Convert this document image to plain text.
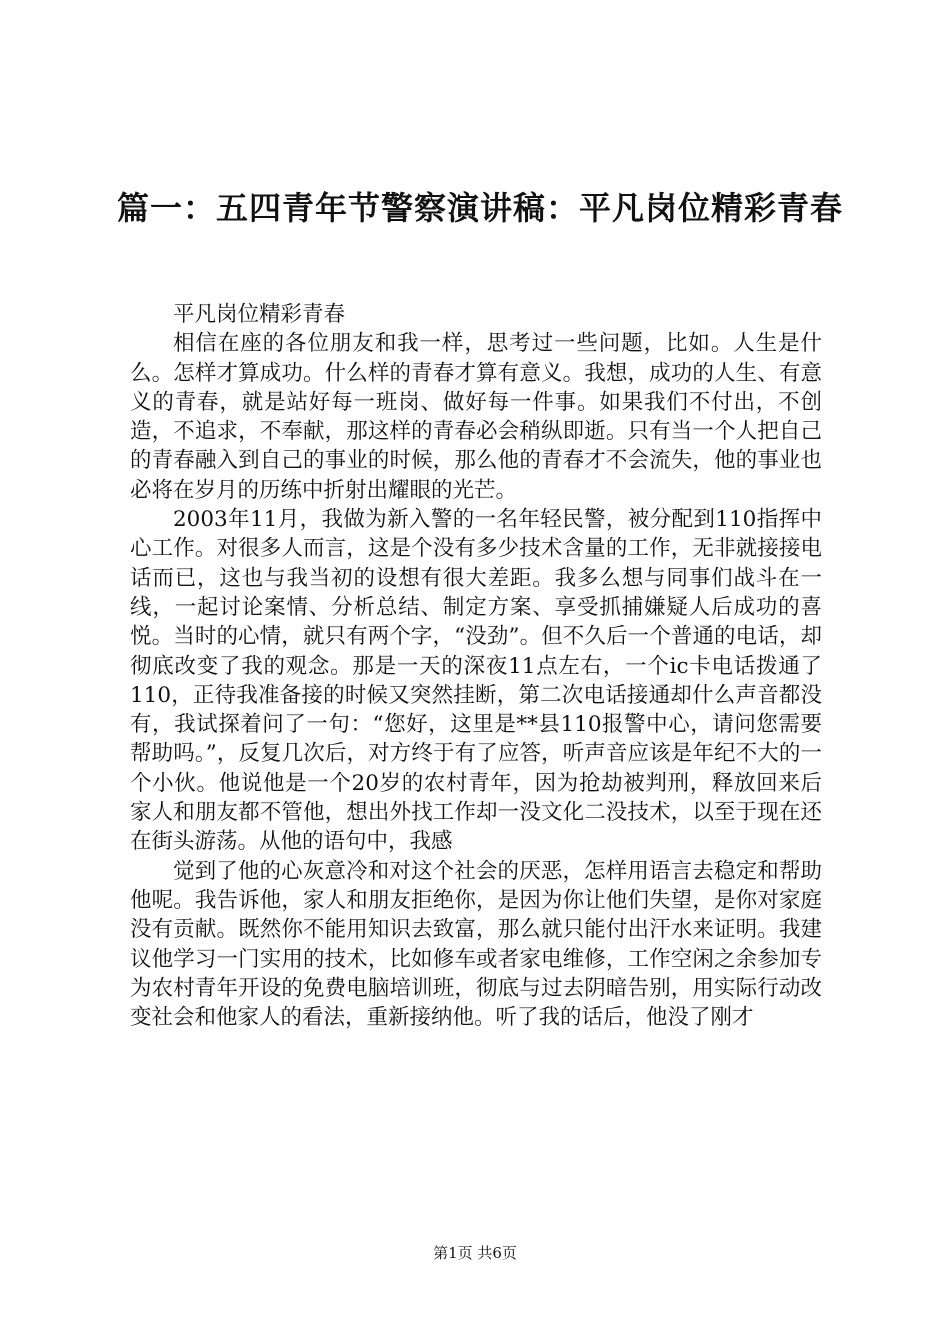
篇一：五四青年节警察演讲稿：平凡岗位精彩青春

平凡岗位精彩青春

相信在座的各位朋友和我一样，思考过一些问题，比如。人生是什么。怎样才算成功。什么样的青春才算有意义。我想，成功的人生、有意义的青春，就是站好每一班岗、做好每一件事。如果我们不付出，不创造，不追求，不奉献，那这样的青春必会稍纵即逝。只有当一个人把自己的青春融入到自己的事业的时候，那么他的青春才不会流失，他的事业也必将在岁月的历练中折射出耀眼的光芒。

2003年11月，我做为新入警的一名年轻民警，被分配到110指挥中心工作。对很多人而言，这是个没有多少技术含量的工作，无非就接接电话而已，这也与我当初的设想有很大差距。我多么想与同事们战斗在一线，一起讨论案情、分析总结、制定方案、享受抓捕嫌疑人后成功的喜悦。当时的心情，就只有两个字，“没劲”。但不久后一个普通的电话，却彻底改变了我的观念。那是一天的深夜11点左右，一个ic卡电话拨通了110，正待我准备接的时候又突然挂断，第二次电话接通却什么声音都没有，我试探着问了一句：“您好，这里是**县110报警中心，请问您需要帮助吗。”，反复几次后，对方终于有了应答，听声音应该是年纪不大的一个小伙。他说他是一个20岁的农村青年，因为抢劫被判刑，释放回来后家人和朋友都不管他，想出外找工作却一没文化二没技术，以至于现在还在街头游荡。从他的语句中，我感

觉到了他的心灰意冷和对这个社会的厌恶，怎样用语言去稳定和帮助他呢。我告诉他，家人和朋友拒绝你，是因为你让他们失望，是你对家庭没有贡献。既然你不能用知识去致富，那么就只能付出汗水来证明。我建议他学习一门实用的技术，比如修车或者家电维修，工作空闲之余参加专为农村青年开设的免费电脑培训班，彻底与过去阴暗告别，用实际行动改变社会和他家人的看法，重新接纳他。听了我的话后，他没了刚才

第1页 共6页
